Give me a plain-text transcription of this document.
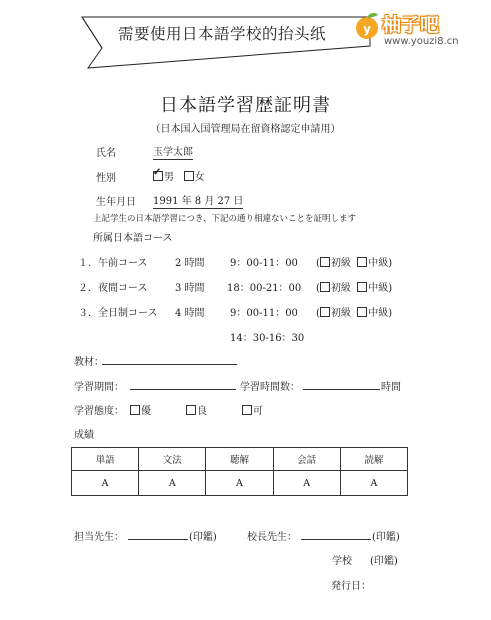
需要使用日本語学校的抬头纸	y 柚子吧
www.youzi8.cn
日本語学習歴証明書
（日本国入国管理局在留資格認定申請用）
氏名	玉学太郎
性別 ✓	男 女
生年月日 1991 年 8 月 27 日
上記学生の日本語学習につき、下記の通り相違ないことを証明します
所属日本語コース
１．午前コース	2 時間	9：00-11：00 ( 初級 中級)
２．夜間コース	3 時間 18：00-21：00 ( 初級 中級)
３．全日制コース 4 時間	9：00-11：00 ( 初級 中級)
14：30-16：30
教材：
学習期間：	学習時間数：	時間
学習態度：	優	良	可
成績
単語	文法	聴解	会話	読解
A	A	A	A	A
担当先生：	(印鑑)	校長先生：	(印鑑)
学校 (印鑑)
発行日：
